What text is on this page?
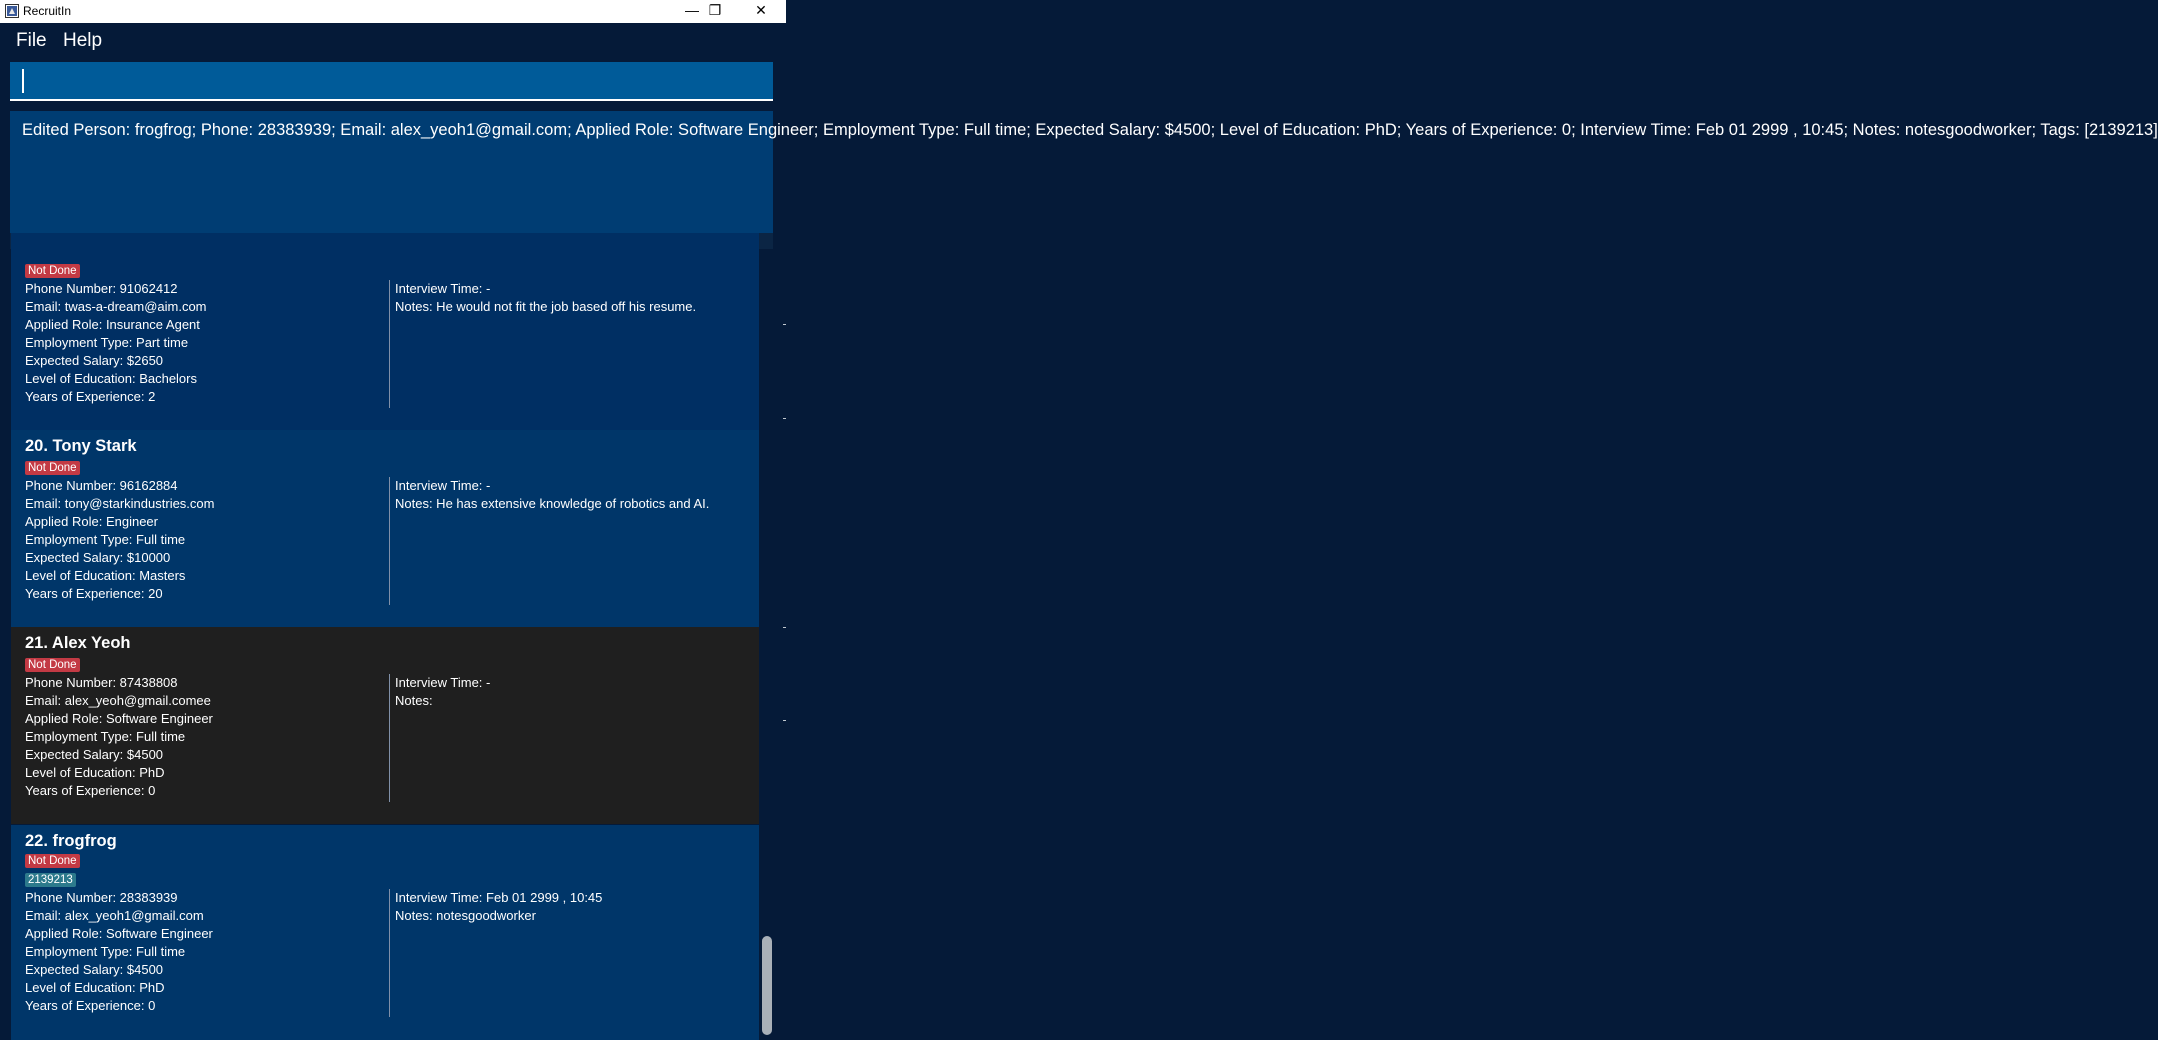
RecruitIn	— ❐	✕
File Help
Edited Person: frogfrog; Phone: 28383939; Email: alex_yeoh1@gmail.com; Applied Role: Software Engineer; Employment Type: Full time; Expected Salary: $4500; Level of Education: PhD; Years of Experience: 0; Interview Time: Feb 01 2999 , 10:45; Notes: notesgoodworker; Tags: [2139213]
Not Done
Phone Number: 91062412
Email: twas-a-dream@aim.com
Applied Role: Insurance Agent
Employment Type: Part time
Expected Salary: $2650
Level of Education: Bachelors
Years of Experience: 2
Interview Time: -
Notes: He would not fit the job based off his resume.
20. Tony Stark
Not Done
Phone Number: 96162884
Email: tony@starkindustries.com
Applied Role: Engineer
Employment Type: Full time
Expected Salary: $10000
Level of Education: Masters
Years of Experience: 20
Interview Time: -
Notes: He has extensive knowledge of robotics and AI.
21. Alex Yeoh
Not Done
Phone Number: 87438808
Email: alex_yeoh@gmail.comee
Applied Role: Software Engineer
Employment Type: Full time
Expected Salary: $4500
Level of Education: PhD
Years of Experience: 0
Interview Time: -
Notes:
22. frogfrog
Not Done
2139213
Phone Number: 28383939
Email: alex_yeoh1@gmail.com
Applied Role: Software Engineer
Employment Type: Full time
Expected Salary: $4500
Level of Education: PhD
Years of Experience: 0
Interview Time: Feb 01 2999 , 10:45
Notes: notesgoodworker
